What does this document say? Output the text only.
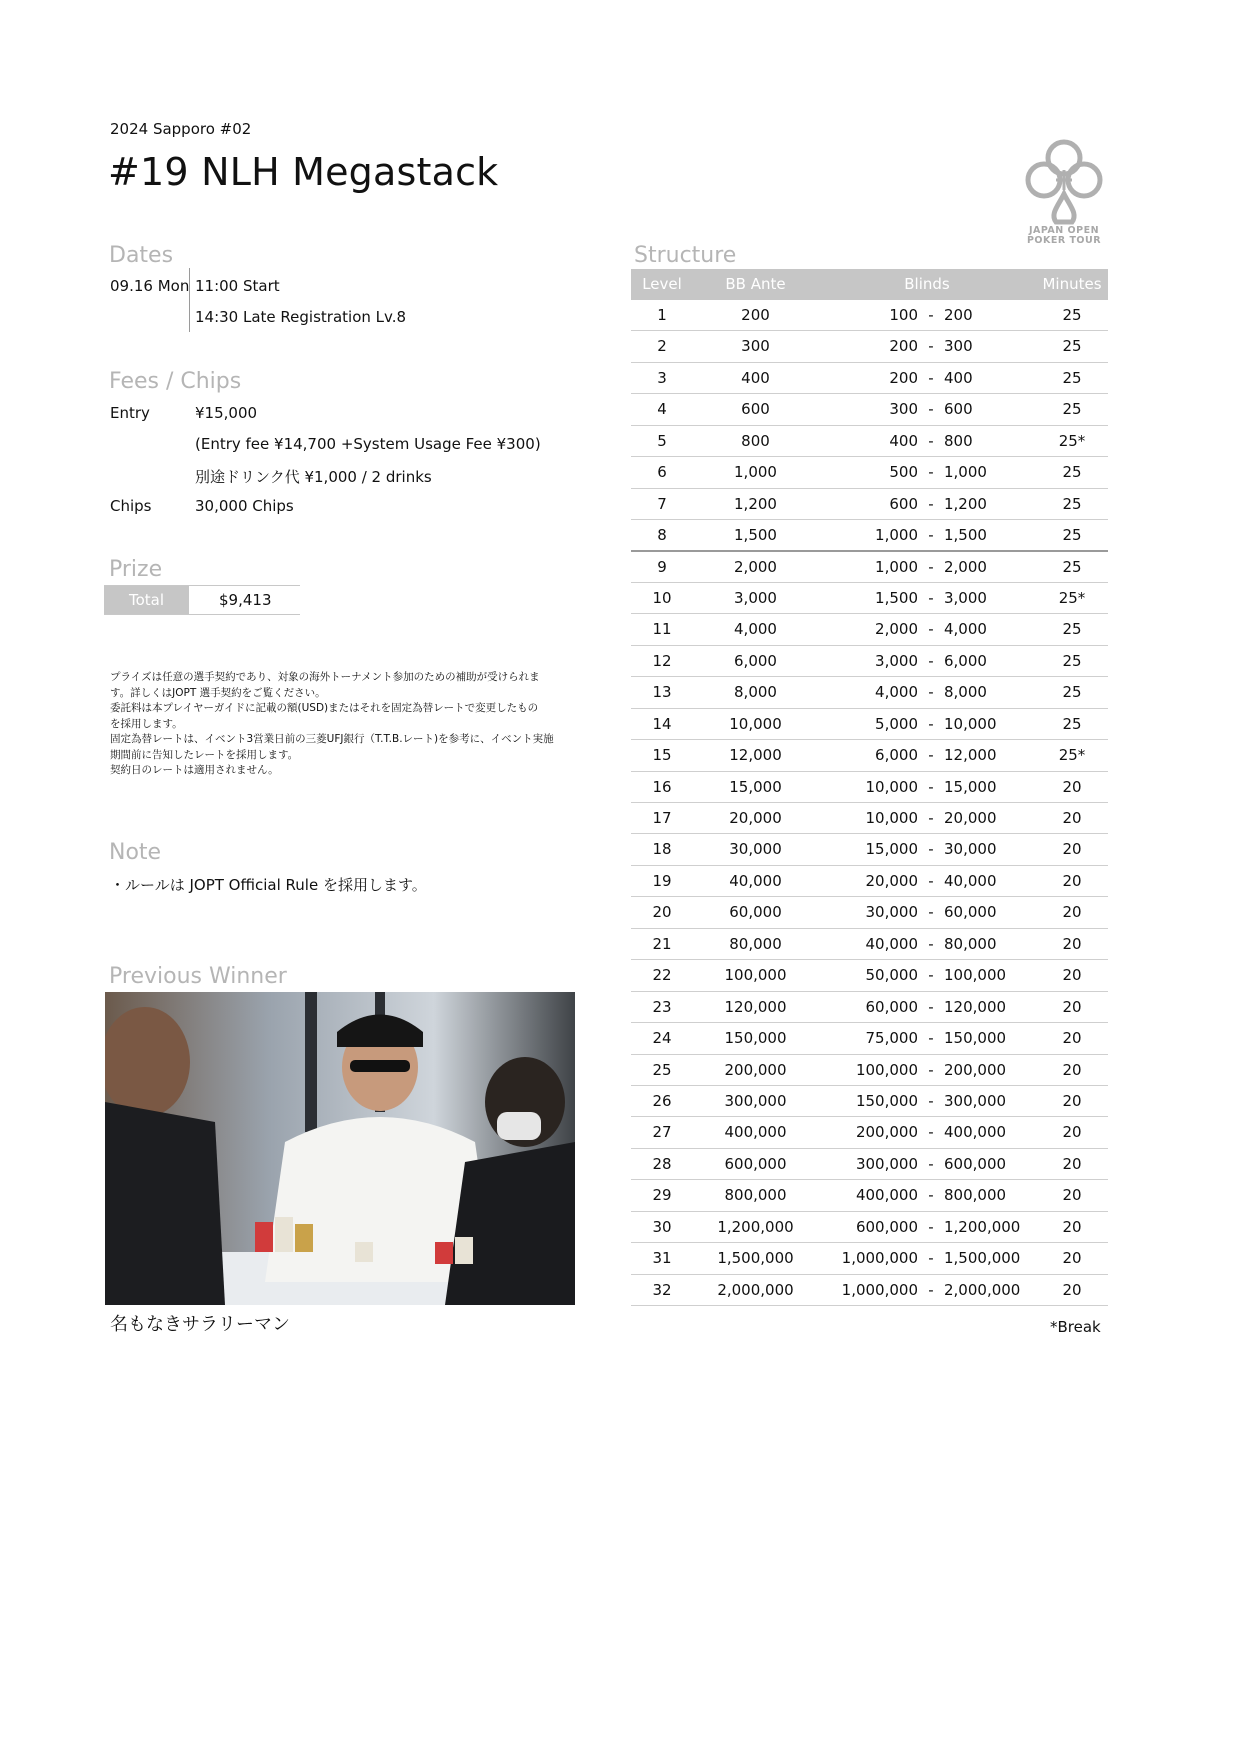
2024 Sapporo #02
#19 NLH Megastack
JAPAN OPEN
POKER TOUR
Dates
09.16 Mon 11:00 Start
14:30 Late Registration Lv.8
Fees / Chips
Entry	¥15,000
(Entry fee ¥14,700 +System Usage Fee ¥300)
別途ドリンク代 ¥1,000 / 2 drinks
Chips	30,000 Chips
Prize
Total	$9,413
プライズは任意の選手契約であり、対象の海外トーナメント参加のための補助が受けられま
す。詳しくはJOPT 選手契約をご覧ください。
委託料は本プレイヤーガイドに記載の額(USD)またはそれを固定為替レートで変更したもの
を採用します。
固定為替レートは、イベント3営業日前の三菱UFJ銀行（T.T.B.レート)を参考に、イベント実施
期間前に告知したレートを採用します。
契約日のレートは適用されません。
Note
・ルールは JOPT Official Rule を採用します。
Previous Winner
名もなきサラリーマン
Structure
Level	BB Ante	Blinds	Minutes
1	200	100 - 200	25
2	300	200 - 300	25
3	400	200 - 400	25
4	600	300 - 600	25
5	800	400 - 800	25*
6	1,000	500 - 1,000	25
7	1,200	600 - 1,200	25
8	1,500	1,000 - 1,500	25
9	2,000	1,000 - 2,000	25
10	3,000	1,500 - 3,000	25*
11	4,000	2,000 - 4,000	25
12	6,000	3,000 - 6,000	25
13	8,000	4,000 - 8,000	25
14	10,000	5,000 - 10,000	25
15	12,000	6,000 - 12,000	25*
16	15,000	10,000 - 15,000	20
17	20,000	10,000 - 20,000	20
18	30,000	15,000 - 30,000	20
19	40,000	20,000 - 40,000	20
20	60,000	30,000 - 60,000	20
21	80,000	40,000 - 80,000	20
22	100,000	50,000 - 100,000	20
23	120,000	60,000 - 120,000	20
24	150,000	75,000 - 150,000	20
25	200,000	100,000 - 200,000	20
26	300,000	150,000 - 300,000	20
27	400,000	200,000 - 400,000	20
28	600,000	300,000 - 600,000	20
29	800,000	400,000 - 800,000	20
30	1,200,000	600,000 - 1,200,000	20
31	1,500,000	1,000,000 - 1,500,000	20
32	2,000,000	1,000,000 - 2,000,000	20
*Break
